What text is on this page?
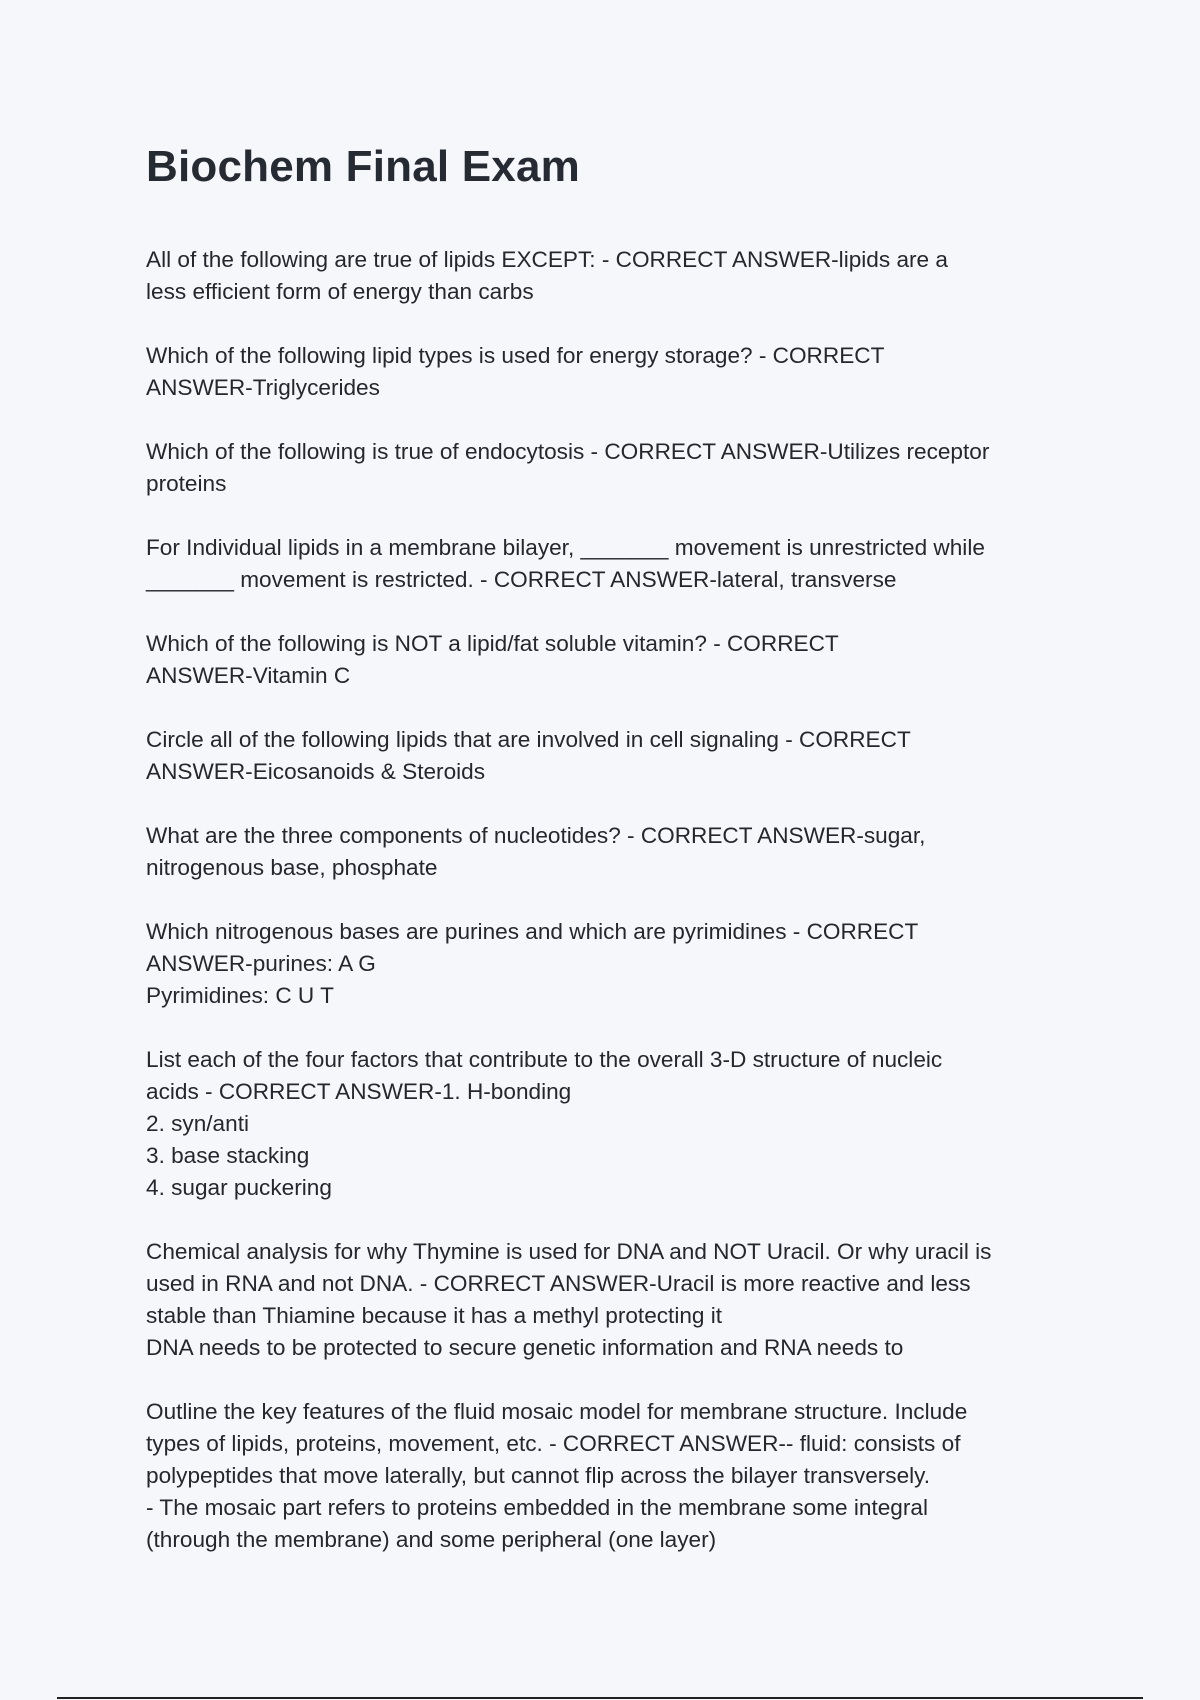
Biochem Final Exam
All of the following are true of lipids EXCEPT: - CORRECT ANSWER-lipids are a
less efficient form of energy than carbs
Which of the following lipid types is used for energy storage? - CORRECT
ANSWER-Triglycerides
Which of the following is true of endocytosis - CORRECT ANSWER-Utilizes receptor
proteins
For Individual lipids in a membrane bilayer, _______ movement is unrestricted while
_______ movement is restricted. - CORRECT ANSWER-lateral, transverse
Which of the following is NOT a lipid/fat soluble vitamin? - CORRECT
ANSWER-Vitamin C
Circle all of the following lipids that are involved in cell signaling - CORRECT
ANSWER-Eicosanoids & Steroids
What are the three components of nucleotides? - CORRECT ANSWER-sugar,
nitrogenous base, phosphate
Which nitrogenous bases are purines and which are pyrimidines - CORRECT
ANSWER-purines: A G
Pyrimidines: C U T
List each of the four factors that contribute to the overall 3-D structure of nucleic
acids - CORRECT ANSWER-1. H-bonding
2. syn/anti
3. base stacking
4. sugar puckering
Chemical analysis for why Thymine is used for DNA and NOT Uracil. Or why uracil is
used in RNA and not DNA. - CORRECT ANSWER-Uracil is more reactive and less
stable than Thiamine because it has a methyl protecting it
DNA needs to be protected to secure genetic information and RNA needs to
Outline the key features of the fluid mosaic model for membrane structure. Include
types of lipids, proteins, movement, etc. - CORRECT ANSWER-- fluid: consists of
polypeptides that move laterally, but cannot flip across the bilayer transversely.
- The mosaic part refers to proteins embedded in the membrane some integral
(through the membrane) and some peripheral (one layer)
